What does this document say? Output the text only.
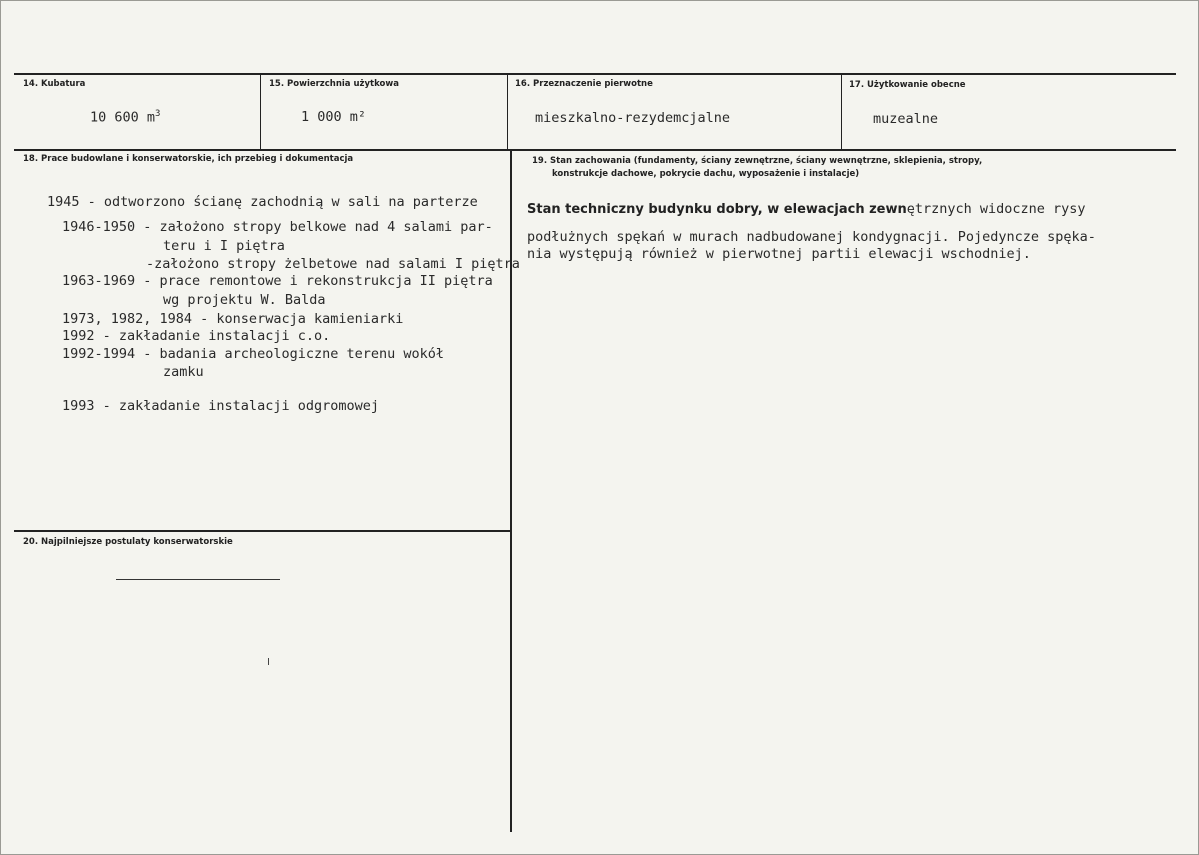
14. Kubatura
10 600 $m^3$
15. Powierzchnia użytkowa
1 000 m²
16. Przeznaczenie pierwotne
mieszkalno-rezydemcjalne
17. Użytkowanie obecne
muzealne
18. Prace budowlane i konserwatorskie, ich przebieg i dokumentacja
1945 - odtworzono ścianę zachodnią w sali na parterze
1946-1950 - założono stropy belkowe nad 4 salami par-
teru i I piętra
-założono stropy żelbetowe nad salami I piętra
1963-1969 - prace remontowe i rekonstrukcja II piętra
wg projektu W. Balda
1973, 1982, 1984 - konserwacja kamieniarki
1992 - zakładanie instalacji c.o.
1992-1994 - badania archeologiczne terenu wokół
zamku
1993 - zakładanie instalacji odgromowej
19. Stan zachowania (fundamenty, ściany zewnętrzne, ściany wewnętrzne, sklepienia, stropy,
konstrukcje dachowe, pokrycie dachu, wyposażenie i instalacje)
Stan techniczny budynku dobry, w elewacjach zewnętrznych widoczne rysy
podłużnych spękań w murach nadbudowanej kondygnacji. Pojedyncze spęka-
nia występują również w pierwotnej partii elewacji wschodniej.
20. Najpilniejsze postulaty konserwatorskie
